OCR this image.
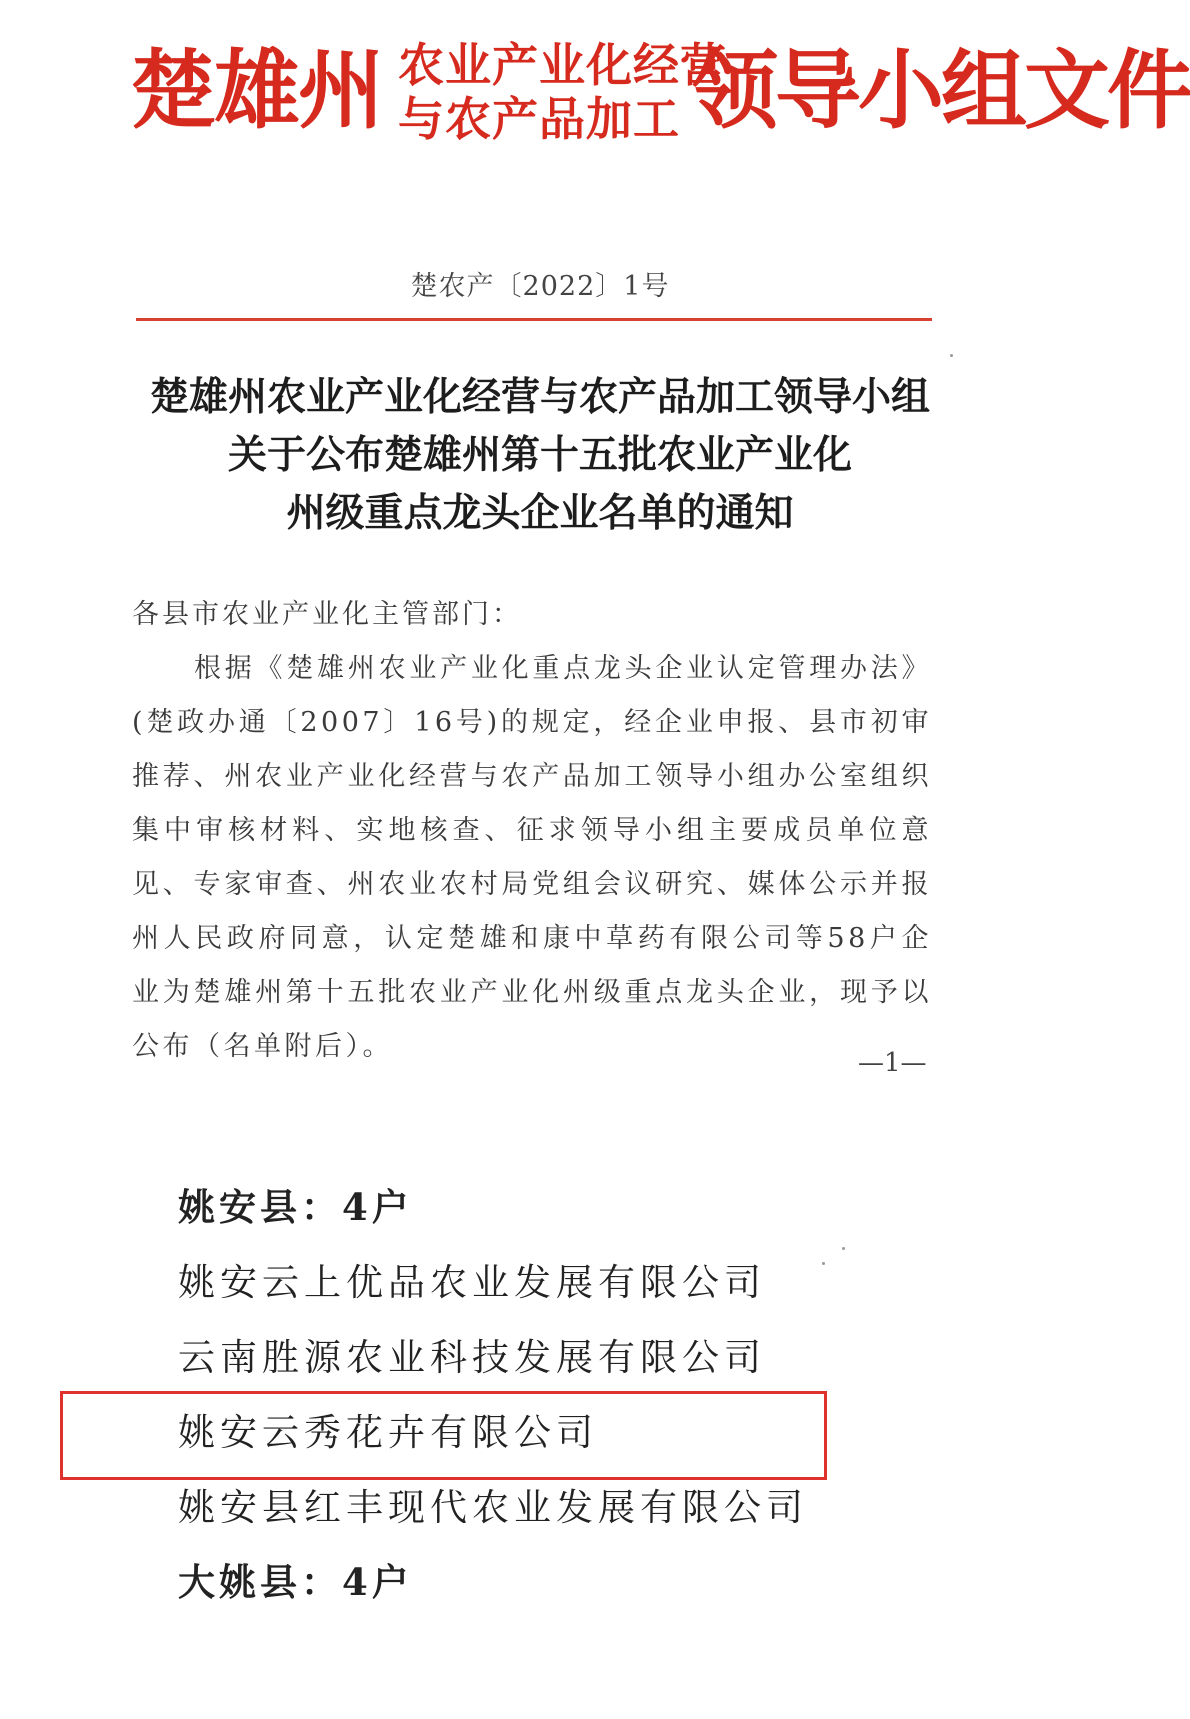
楚雄州 农业产业化经营
与农产品加工 领导小组文件
楚农产〔2022〕1号
楚雄州农业产业化经营与农产品加工领导小组
关于公布楚雄州第十五批农业产业化
州级重点龙头企业名单的通知
各县市农业产业化主管部门：
根据《楚雄州农业产业化重点龙头企业认定管理办法》(楚政办通〔2007〕16号)的规定，经企业申报、县市初审推荐、州农业产业化经营与农产品加工领导小组办公室组织集中审核材料、实地核查、征求领导小组主要成员单位意见、专家审查、州农业农村局党组会议研究、媒体公示并报州人民政府同意，认定楚雄和康中草药有限公司等58户企业为楚雄州第十五批农业产业化州级重点龙头企业，现予以公布（名单附后）。
—1—
姚安县：4户
姚安云上优品农业发展有限公司
云南胜源农业科技发展有限公司
姚安云秀花卉有限公司
姚安县红丰现代农业发展有限公司
大姚县：4户
